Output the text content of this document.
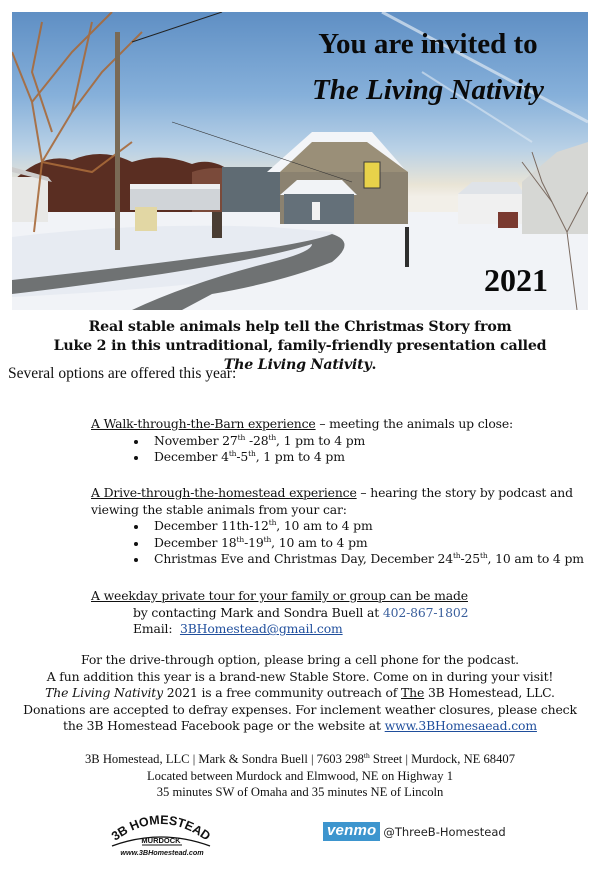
You are invited to
The Living Nativity
2021
Real stable animals help tell the Christmas Story from
Luke 2 in this untraditional, family-friendly presentation called
The Living Nativity.
Several options are offered this year:
A Walk-through-the-Barn experience – meeting the animals up close:
November 27th -28th, 1 pm to 4 pm
December 4th-5th, 1 pm to 4 pm
A Drive-through-the-homestead experience – hearing the story by podcast and viewing the stable animals from your car:
December 11th-12th, 10 am to 4 pm
December 18th-19th, 10 am to 4 pm
Christmas Eve and Christmas Day, December 24th-25th, 10 am to 4 pm
A weekday private tour for your family or group can be made
by contacting Mark and Sondra Buell at 402-867-1802
Email: 3BHomestead@gmail.com
For the drive-through option, please bring a cell phone for the podcast.
A fun addition this year is a brand-new Stable Store. Come on in during your visit!
The Living Nativity 2021 is a free community outreach of The 3B Homestead, LLC.
Donations are accepted to defray expenses. For inclement weather closures, please check
the 3B Homestead Facebook page or the website at www.3BHomesaead.com
3B Homestead, LLC | Mark & Sondra Buell | 7603 298th Street | Murdock, NE 68407
Located between Murdock and Elmwood, NE on Highway 1
35 minutes SW of Omaha and 35 minutes NE of Lincoln
3B HOMESTEAD
MURDOCK
www.3BHomestead.com
venmo @ThreeB-Homestead
